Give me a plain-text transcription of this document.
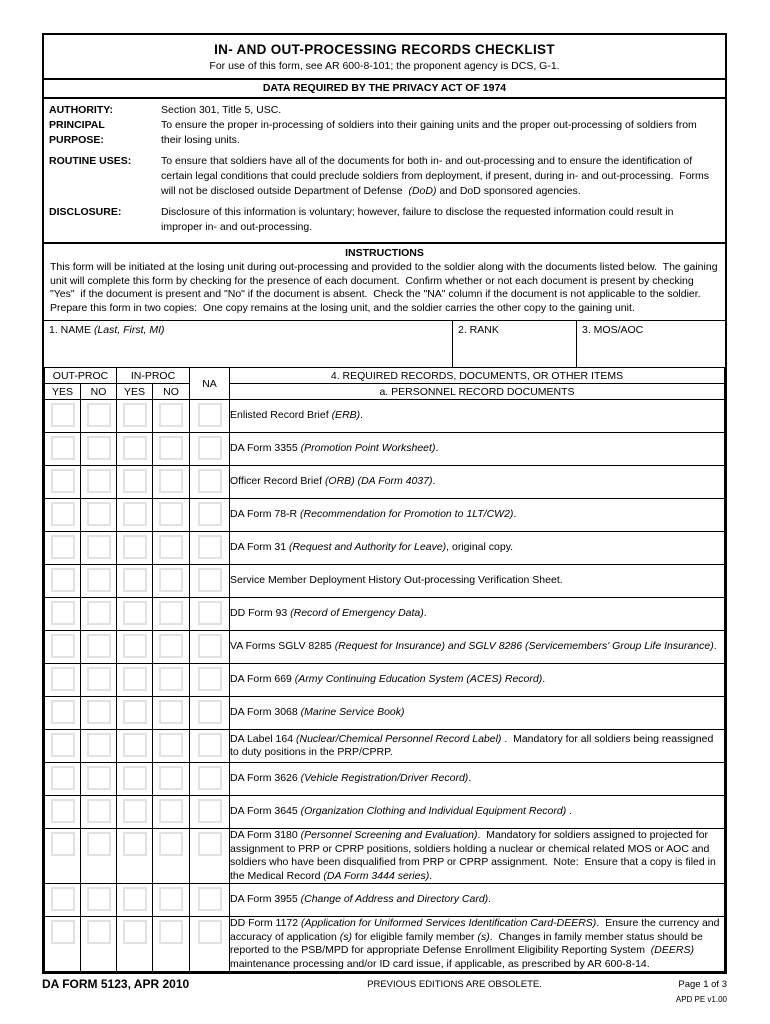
IN- AND OUT-PROCESSING RECORDS CHECKLIST
For use of this form, see AR 600-8-101; the proponent agency is DCS, G-1.
DATA REQUIRED BY THE PRIVACY ACT OF 1974
AUTHORITY:	Section 301, Title 5, USC.
PRINCIPAL PURPOSE:
To ensure the proper in-processing of soldiers into their gaining units and the proper out-processing of soldiers from their losing units.
ROUTINE USES:	To ensure that soldiers have all of the documents for both in- and out-processing and to ensure the identification of certain legal conditions that could preclude soldiers from deployment, if present, during in- and out-processing.  Forms will not be disclosed outside Department of Defense  (DoD) and DoD sponsored agencies.
DISCLOSURE:	Disclosure of this information is voluntary; however, failure to disclose the requested information could result in improper in- and out-processing.
INSTRUCTIONS
This form will be initiated at the losing unit during out-processing and provided to the soldier along with the documents listed below.  The gaining unit will complete this form by checking for the presence of each document.  Confirm whether or not each document is present by checking "Yes"  if the document is present and "No" if the document is absent.  Check the "NA" column if the document is not applicable to the soldier.  Prepare this form in two copies:  One copy remains at the losing unit, and the soldier carries the other copy to the gaining unit.
1. NAME (Last, First, MI)	2. RANK	3. MOS/AOC
OUT-PROC		IN-PROC		NA	4. REQUIRED RECORDS, DOCUMENTS, OR OTHER ITEMS
YES	NO	YES	NO		a. PERSONNEL RECORD DOCUMENTS

	Enlisted Record Brief (ERB).

	DA Form 3355 (Promotion Point Worksheet).

	Officer Record Brief (ORB) (DA Form 4037).

	DA Form 78-R (Recommendation for Promotion to 1LT/CW2).

	DA Form 31 (Request and Authority for Leave), original copy.

	Service Member Deployment History Out-processing Verification Sheet.

	DD Form 93 (Record of Emergency Data).

	VA Forms SGLV 8285 (Request for Insurance) and SGLV 8286 (Servicemembers' Group Life Insurance).

	DA Form 669 (Army Continuing Education System (ACES) Record).

	DA Form 3068 (Marine Service Book)

	DA Label 164 (Nuclear/Chemical Personnel Record Label) .  Mandatory for all soldiers being reassigned to duty positions in the PRP/CPRP.

	DA Form 3626 (Vehicle Registration/Driver Record).

	DA Form 3645 (Organization Clothing and Individual Equipment Record) .

	DA Form 3180 (Personnel Screening and Evaluation).  Mandatory for soldiers assigned to projected for assignment to PRP or CPRP positions, soldiers holding a nuclear or chemical related MOS or AOC and soldiers who have been disqualified from PRP or CPRP assignment.  Note:  Ensure that a copy is filed in the Medical Record (DA Form 3444 series).

	DA Form 3955 (Change of Address and Directory Card).

	DD Form 1172 (Application for Uniformed Services Identification Card-DEERS).  Ensure the currency and accuracy of application (s) for eligible family member (s).  Changes in family member status should be reported to the PSB/MPD for appropriate Defense Enrollment Eligibility Reporting System  (DEERS) maintenance processing and/or ID card issue, if applicable, as prescribed by AR 600-8-14.
DA FORM 5123, APR 2010	PREVIOUS EDITIONS ARE OBSOLETE.	Page 1 of 3
APD PE v1.00
